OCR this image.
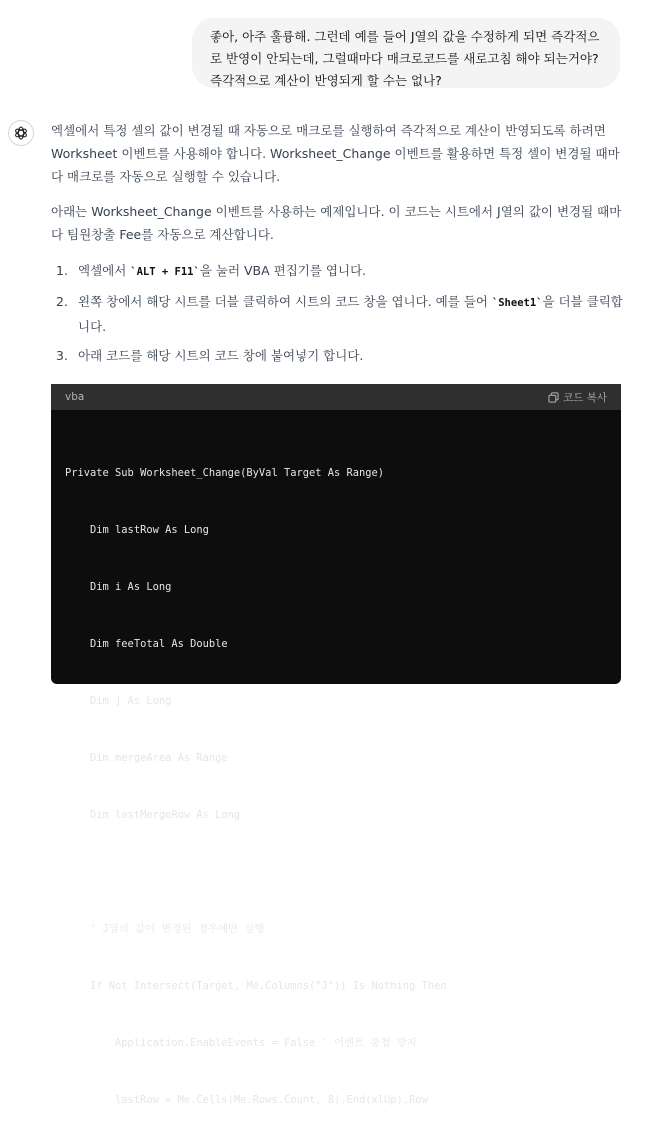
좋아, 아주 훌륭해. 그런데 예를 들어 J열의 값을 수정하게 되면 즉각적으로 반영이 안되는데, 그럴때마다 매크로코드를 새로고침 해야 되는거야? 즉각적으로 계산이 반영되게 할 수는 없나?

엑셀에서 특정 셀의 값이 변경될 때 자동으로 매크로를 실행하여 즉각적으로 계산이 반영되도록 하려면 Worksheet 이벤트를 사용해야 합니다. Worksheet_Change 이벤트를 활용하면 특정 셀이 변경될 때마다 매크로를 자동으로 실행할 수 있습니다.

아래는 Worksheet_Change 이벤트를 사용하는 예제입니다. 이 코드는 시트에서 J열의 값이 변경될 때마다 팀원창출 Fee를 자동으로 계산합니다.

1. 엑셀에서 `ALT + F11`을 눌러 VBA 편집기를 엽니다.
2. 왼쪽 창에서 해당 시트를 더블 클릭하여 시트의 코드 창을 엽니다. 예를 들어 `Sheet1`을 더블 클릭합니다.
3. 아래 코드를 해당 시트의 코드 창에 붙여넣기 합니다.
vba	코드 복사

Private Sub Worksheet_Change(ByVal Target As Range)

Dim lastRow As Long

Dim i As Long

Dim feeTotal As Double

Dim j As Long

Dim mergeArea As Range

Dim lastMergeRow As Long

' J열의 값이 변경된 경우에만 실행

If Not Intersect(Target, Me.Columns("J")) Is Nothing Then

Application.EnableEvents = False ' 이벤트 중첩 방지

lastRow = Me.Cells(Me.Rows.Count, 8).End(xlUp).Row
